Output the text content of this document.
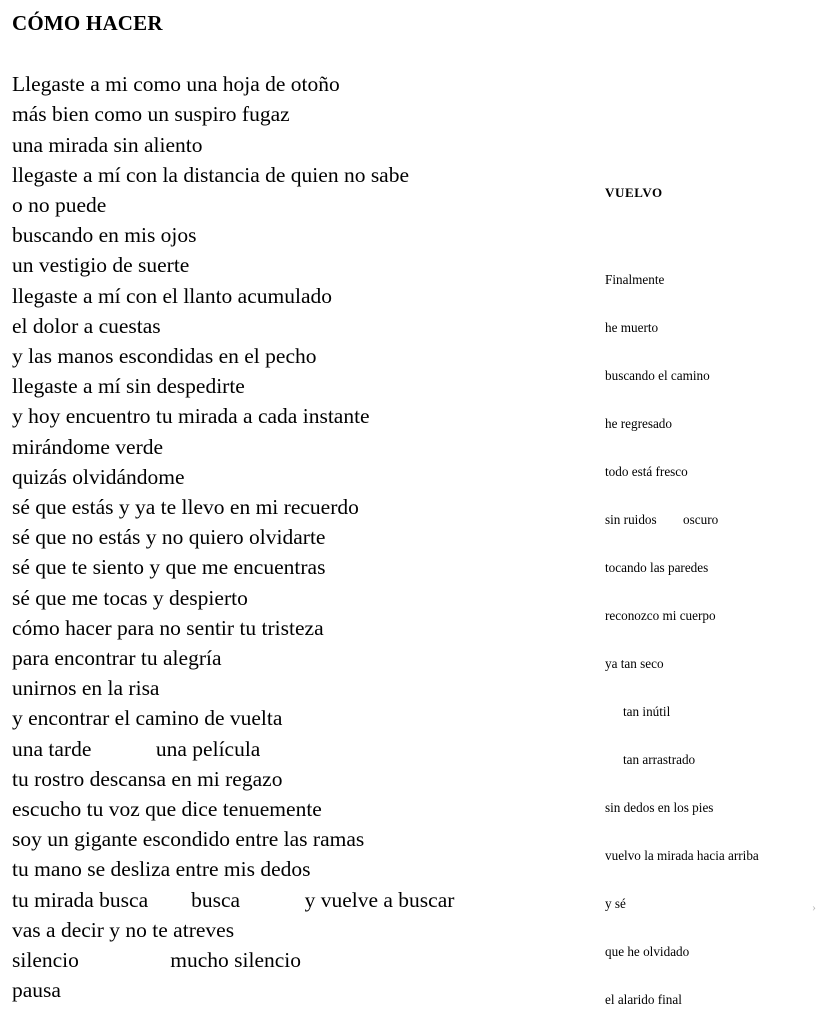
CÓMO HACER

Llegaste a mi como una hoja de otoño

más bien como un suspiro fugaz

una mirada sin aliento

llegaste a mí con la distancia de quien no sabe

o no puede

buscando en mis ojos

un vestigio de suerte

llegaste a mí con el llanto acumulado

el dolor a cuestas

y las manos escondidas en el pecho

llegaste a mí sin despedirte

y hoy encuentro tu mirada a cada instante

mirándome verde

quizás olvidándome

sé que estás y ya te llevo en mi recuerdo

sé que no estás y no quiero olvidarte

sé que te siento y que me encuentras

sé que me tocas y despierto

cómo hacer para no sentir tu tristeza

para encontrar tu alegría

unirnos en la risa

y encontrar el camino de vuelta

una tarde            una película

tu rostro descansa en mi regazo

escucho tu voz que dice tenuemente

soy un gigante escondido entre las ramas

tu mano se desliza entre mis dedos

tu mirada busca        busca            y vuelve a buscar

vas a decir y no te atreves

silencio                 mucho silencio

pausa

VUELVO

Finalmente

he muerto

buscando el camino

he regresado

todo está fresco

sin ruidos        oscuro

tocando las paredes

reconozco mi cuerpo

ya tan seco

tan inútil

tan arrastrado

sin dedos en los pies

vuelvo la mirada hacia arriba

y sé

que he olvidado

el alarido final

›
